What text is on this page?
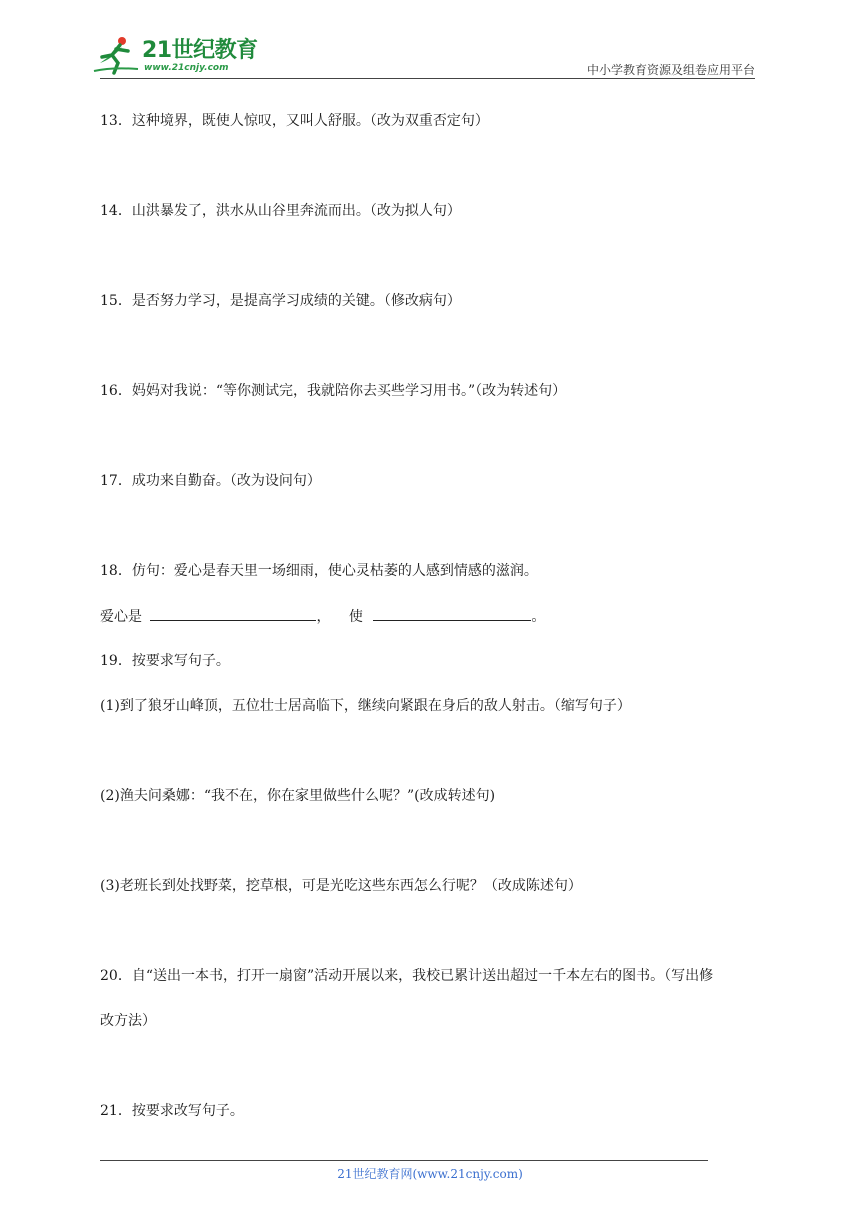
21世纪教育
www.21cnjy.com	中小学教育资源及组卷应用平台
13．这种境界，既使人惊叹，又叫人舒服。（改为双重否定句）
14．山洪暴发了，洪水从山谷里奔流而出。（改为拟人句）
15．是否努力学习，是提高学习成绩的关键。（修改病句）
16．妈妈对我说：“等你测试完，我就陪你去买些学习用书。”（改为转述句）
17．成功来自勤奋。（改为设问句）
18．仿句：爱心是春天里一场细雨，使心灵枯萎的人感到情感的滋润。
爱心是	， 使	。
19．按要求写句子。
(1)到了狼牙山峰顶，五位壮士居高临下，继续向紧跟在身后的敌人射击。（缩写句子）
(2)渔夫问桑娜：“我不在，你在家里做些什么呢？”(改成转述句)
(3)老班长到处找野菜，挖草根，可是光吃这些东西怎么行呢？（改成陈述句）
20．自“送出一本书，打开一扇窗”活动开展以来，我校已累计送出超过一千本左右的图书。（写出修
改方法）
21．按要求改写句子。
21世纪教育网(www.21cnjy.com)
